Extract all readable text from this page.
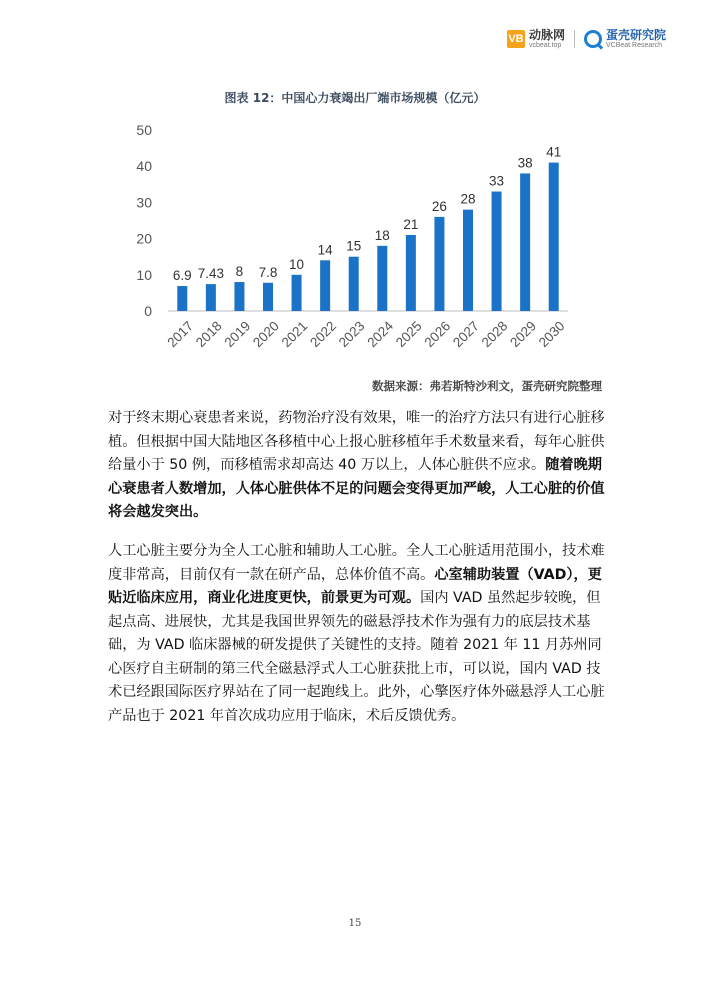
VB 动脉网
vcbeat.top
蛋壳研究院
VCBeat Research
图表 12：中国心力衰竭出厂端市场规模（亿元）
0
10
20
30
40
50
6.9 7.43 8 7.8
10
14 15
18
21
26 28
33
38
41
2017
2018
2019
2020
2021
2022
2023
2024
2025
2026
2027
2028
2029
2030
数据来源：弗若斯特沙利文，蛋壳研究院整理
对于终末期心衰患者来说，药物治疗没有效果，唯一的治疗方法只有进行心脏移植。但根据中国大陆地区各移植中心上报心脏移植年手术数量来看，每年心脏供给量小于 50 例，而移植需求却高达 40 万以上，人体心脏供不应求。随着晚期心衰患者人数增加，人体心脏供体不足的问题会变得更加严峻，人工心脏的价值将会越发突出。
人工心脏主要分为全人工心脏和辅助人工心脏。全人工心脏适用范围小，技术难度非常高，目前仅有一款在研产品，总体价值不高。心室辅助装置（VAD），更贴近临床应用，商业化进度更快，前景更为可观。国内 VAD 虽然起步较晚，但起点高、进展快，尤其是我国世界领先的磁悬浮技术作为强有力的底层技术基础，为 VAD 临床器械的研发提供了关键性的支持。随着 2021 年 11 月苏州同心医疗自主研制的第三代全磁悬浮式人工心脏获批上市，可以说，国内 VAD 技术已经跟国际医疗界站在了同一起跑线上。此外，心擎医疗体外磁悬浮人工心脏产品也于 2021 年首次成功应用于临床，术后反馈优秀。
15
